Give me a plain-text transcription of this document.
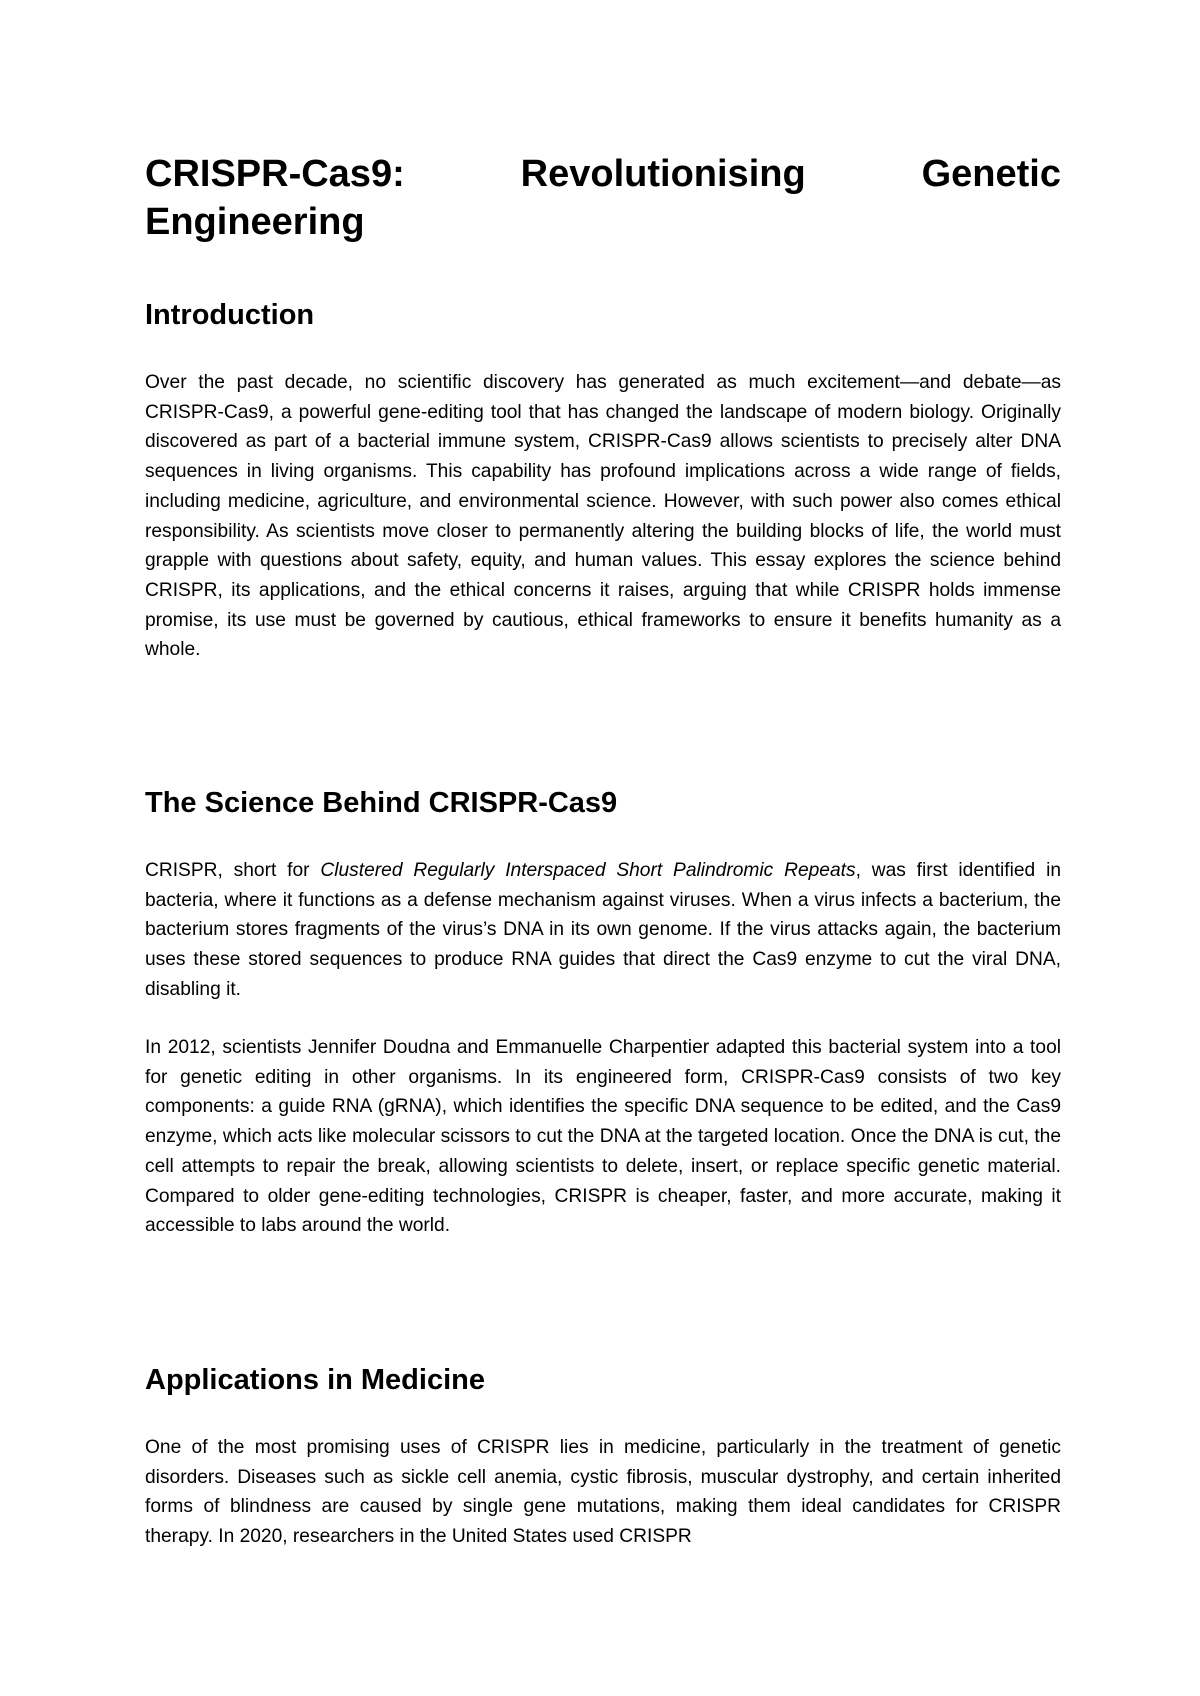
CRISPR-Cas9:	Revolutionising	Genetic
Engineering
Introduction

Over the past decade, no scientific discovery has generated as much excitement—and debate—as CRISPR-Cas9, a powerful gene-editing tool that has changed the landscape of modern biology. Originally discovered as part of a bacterial immune system, CRISPR-Cas9 allows scientists to precisely alter DNA sequences in living organisms. This capability has profound implications across a wide range of fields, including medicine, agriculture, and environmental science. However, with such power also comes ethical responsibility. As scientists move closer to permanently altering the building blocks of life, the world must grapple with questions about safety, equity, and human values. This essay explores the science behind CRISPR, its applications, and the ethical concerns it raises, arguing that while CRISPR holds immense promise, its use must be governed by cautious, ethical frameworks to ensure it benefits humanity as a whole.

The Science Behind CRISPR-Cas9

CRISPR, short for Clustered Regularly Interspaced Short Palindromic Repeats, was first identified in bacteria, where it functions as a defense mechanism against viruses. When a virus infects a bacterium, the bacterium stores fragments of the virus’s DNA in its own genome. If the virus attacks again, the bacterium uses these stored sequences to produce RNA guides that direct the Cas9 enzyme to cut the viral DNA, disabling it.

In 2012, scientists Jennifer Doudna and Emmanuelle Charpentier adapted this bacterial system into a tool for genetic editing in other organisms. In its engineered form, CRISPR-Cas9 consists of two key components: a guide RNA (gRNA), which identifies the specific DNA sequence to be edited, and the Cas9 enzyme, which acts like molecular scissors to cut the DNA at the targeted location. Once the DNA is cut, the cell attempts to repair the break, allowing scientists to delete, insert, or replace specific genetic material. Compared to older gene-editing technologies, CRISPR is cheaper, faster, and more accurate, making it accessible to labs around the world.

Applications in Medicine

One of the most promising uses of CRISPR lies in medicine, particularly in the treatment of genetic disorders. Diseases such as sickle cell anemia, cystic fibrosis, muscular dystrophy, and certain inherited forms of blindness are caused by single gene mutations, making them ideal candidates for CRISPR therapy. In 2020, researchers in the United States used CRISPR
